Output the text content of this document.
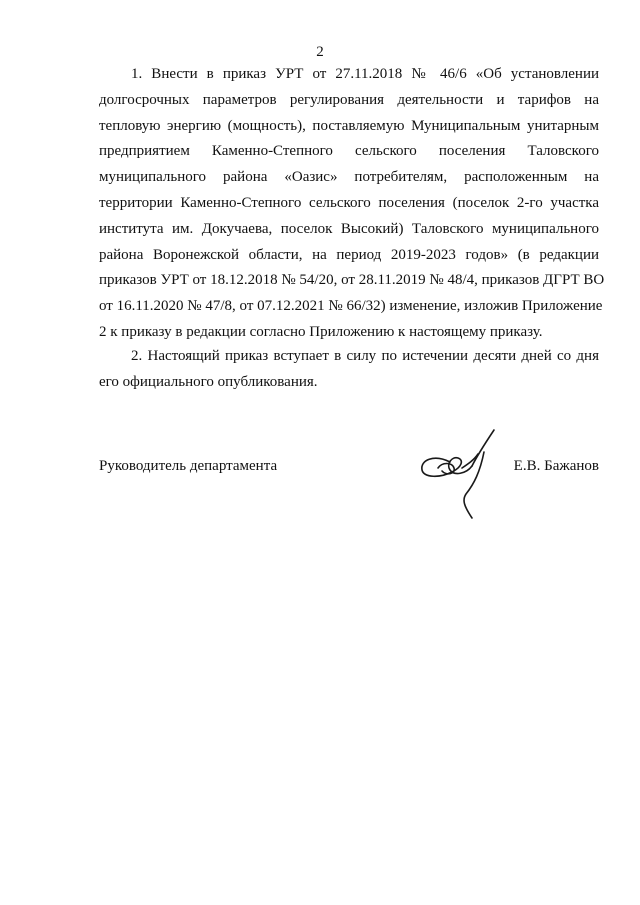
2
1. Внести в приказ УРТ от 27.11.2018 № 46/6 «Об установлении
долгосрочных параметров регулирования деятельности и тарифов на
тепловую энергию (мощность), поставляемую Муниципальным унитарным
предприятием Каменно-Степного сельского поселения Таловского
муниципального района «Оазис» потребителям, расположенным на
территории Каменно-Степного сельского поселения (поселок 2-го участка
института им. Докучаева, поселок Высокий) Таловского муниципального
района Воронежской области, на период 2019-2023 годов» (в редакции
приказов УРТ от 18.12.2018 № 54/20, от 28.11.2019 № 48/4, приказов ДГРТ ВО
от 16.11.2020 № 47/8, от 07.12.2021 № 66/32) изменение, изложив Приложение
2 к приказу в редакции согласно Приложению к настоящему приказу.
2. Настоящий приказ вступает в силу по истечении десяти дней со дня
его официального опубликования.
Руководитель департамента	Е.В. Бажанов
